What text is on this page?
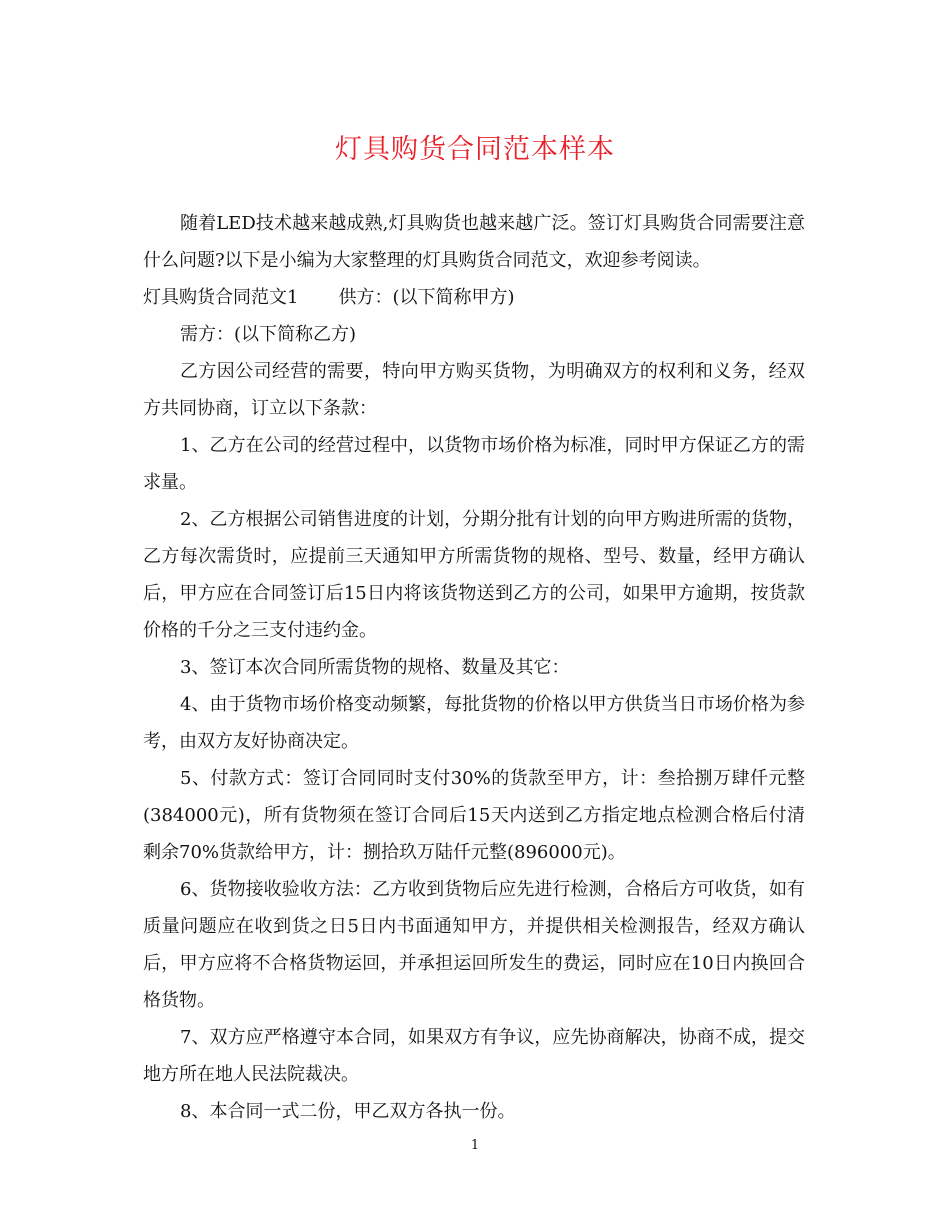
灯具购货合同范本样本

随着LED技术越来越成熟,灯具购货也越来越广泛。签订灯具购货合同需要注意什么问题?以下是小编为大家整理的灯具购货合同范文，欢迎参考阅读。

灯具购货合同范文1 供方：(以下简称甲方)

需方：(以下简称乙方)

乙方因公司经营的需要，特向甲方购买货物，为明确双方的权利和义务，经双方共同协商，订立以下条款：

1、乙方在公司的经营过程中，以货物市场价格为标准，同时甲方保证乙方的需求量。

2、乙方根据公司销售进度的计划，分期分批有计划的向甲方购进所需的货物，乙方每次需货时，应提前三天通知甲方所需货物的规格、型号、数量，经甲方确认后，甲方应在合同签订后15日内将该货物送到乙方的公司，如果甲方逾期，按货款价格的千分之三支付违约金。

3、签订本次合同所需货物的规格、数量及其它：

4、由于货物市场价格变动频繁，每批货物的价格以甲方供货当日市场价格为参考，由双方友好协商决定。

5、付款方式：签订合同同时支付30%的货款至甲方，计：叁拾捌万肆仟元整(384000元)，所有货物须在签订合同后15天内送到乙方指定地点检测合格后付清剩余70%货款给甲方，计：捌拾玖万陆仟元整(896000元)。

6、货物接收验收方法：乙方收到货物后应先进行检测，合格后方可收货，如有质量问题应在收到货之日5日内书面通知甲方，并提供相关检测报告，经双方确认后，甲方应将不合格货物运回，并承担运回所发生的费运，同时应在10日内换回合格货物。

7、双方应严格遵守本合同，如果双方有争议，应先协商解决，协商不成，提交地方所在地人民法院裁决。

8、本合同一式二份，甲乙双方各执一份。

1
